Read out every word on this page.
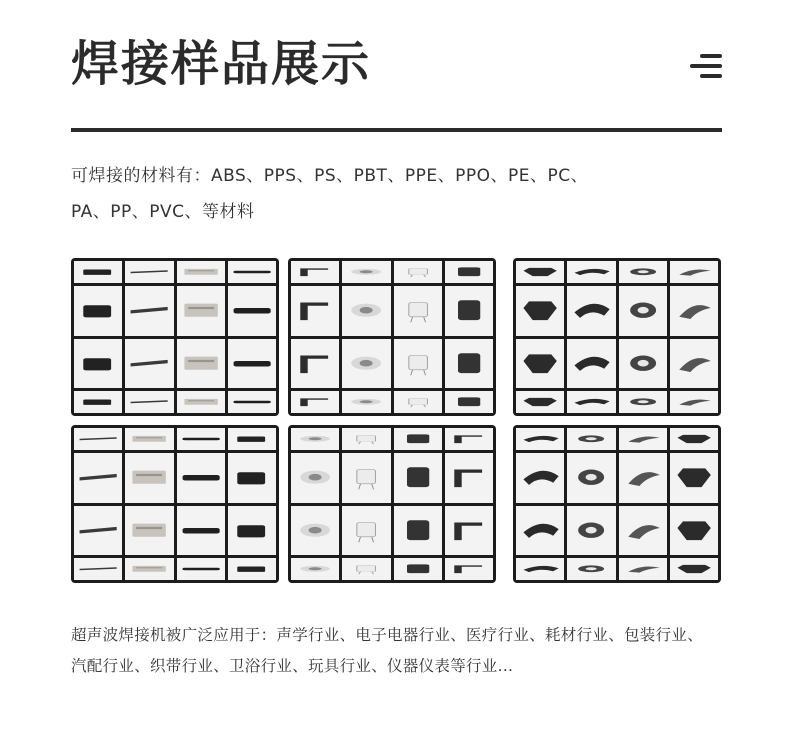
焊接样品展示
可焊接的材料有：ABS、PPS、PS、PBT、PPE、PPO、PE、PC、
PA、PP、PVC、等材料
超声波焊接机被广泛应用于：声学行业、电子电器行业、医疗行业、耗材行业、包装行业、
汽配行业、织带行业、卫浴行业、玩具行业、仪器仪表等行业...
